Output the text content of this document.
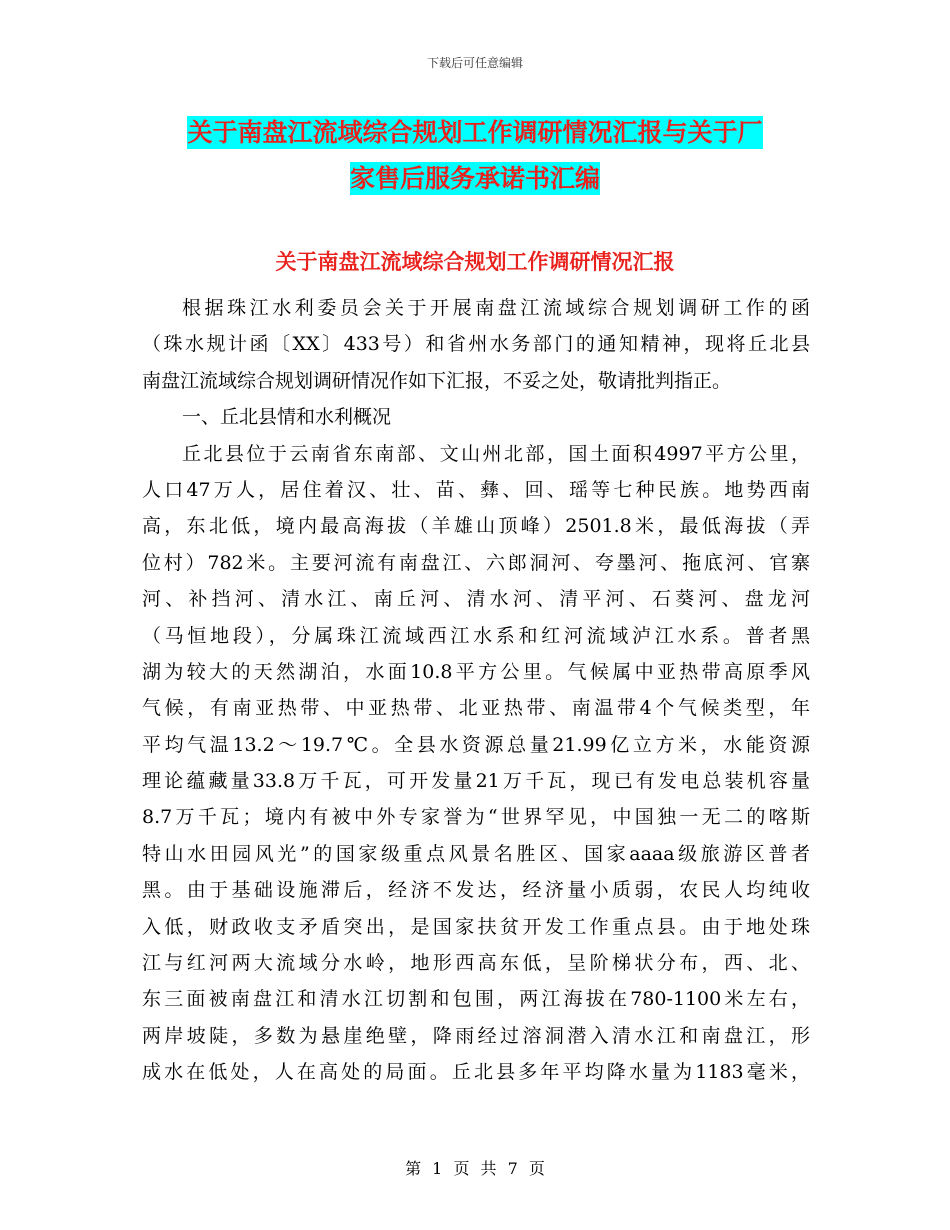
下载后可任意编辑
关于南盘江流域综合规划工作调研情况汇报与关于厂
家售后服务承诺书汇编
关于南盘江流域综合规划工作调研情况汇报
根据珠江水利委员会关于开展南盘江流域综合规划调研工作的函
（珠水规计函〔XX〕433号）和省州水务部门的通知精神，现将丘北县
南盘江流域综合规划调研情况作如下汇报，不妥之处，敬请批判指正。
一、丘北县情和水利概况
丘北县位于云南省东南部、文山州北部，国土面积4997平方公里，
人口47万人，居住着汉、壮、苗、彝、回、瑶等七种民族。地势西南
高，东北低，境内最高海拔（羊雄山顶峰）2501.8米，最低海拔（弄
位村）782米。主要河流有南盘江、六郎洞河、夸墨河、拖底河、官寨
河、补挡河、清水江、南丘河、清水河、清平河、石葵河、盘龙河
（马恒地段），分属珠江流域西江水系和红河流域泸江水系。普者黑
湖为较大的天然湖泊，水面10.8平方公里。气候属中亚热带高原季风
气候，有南亚热带、中亚热带、北亚热带、南温带4个气候类型，年
平均气温13.2～19.7℃。全县水资源总量21.99亿立方米，水能资源
理论蕴藏量33.8万千瓦，可开发量21万千瓦，现已有发电总装机容量
8.7万千瓦；境内有被中外专家誉为“世界罕见，中国独一无二的喀斯
特山水田园风光”的国家级重点风景名胜区、国家aaaa级旅游区普者
黑。由于基础设施滞后，经济不发达，经济量小质弱，农民人均纯收
入低，财政收支矛盾突出，是国家扶贫开发工作重点县。由于地处珠
江与红河两大流域分水岭，地形西高东低，呈阶梯状分布，西、北、
东三面被南盘江和清水江切割和包围，两江海拔在780-1100米左右，
两岸坡陡，多数为悬崖绝壁，降雨经过溶洞潜入清水江和南盘江，形
成水在低处，人在高处的局面。丘北县多年平均降水量为1183毫米，
第 1 页 共 7 页
